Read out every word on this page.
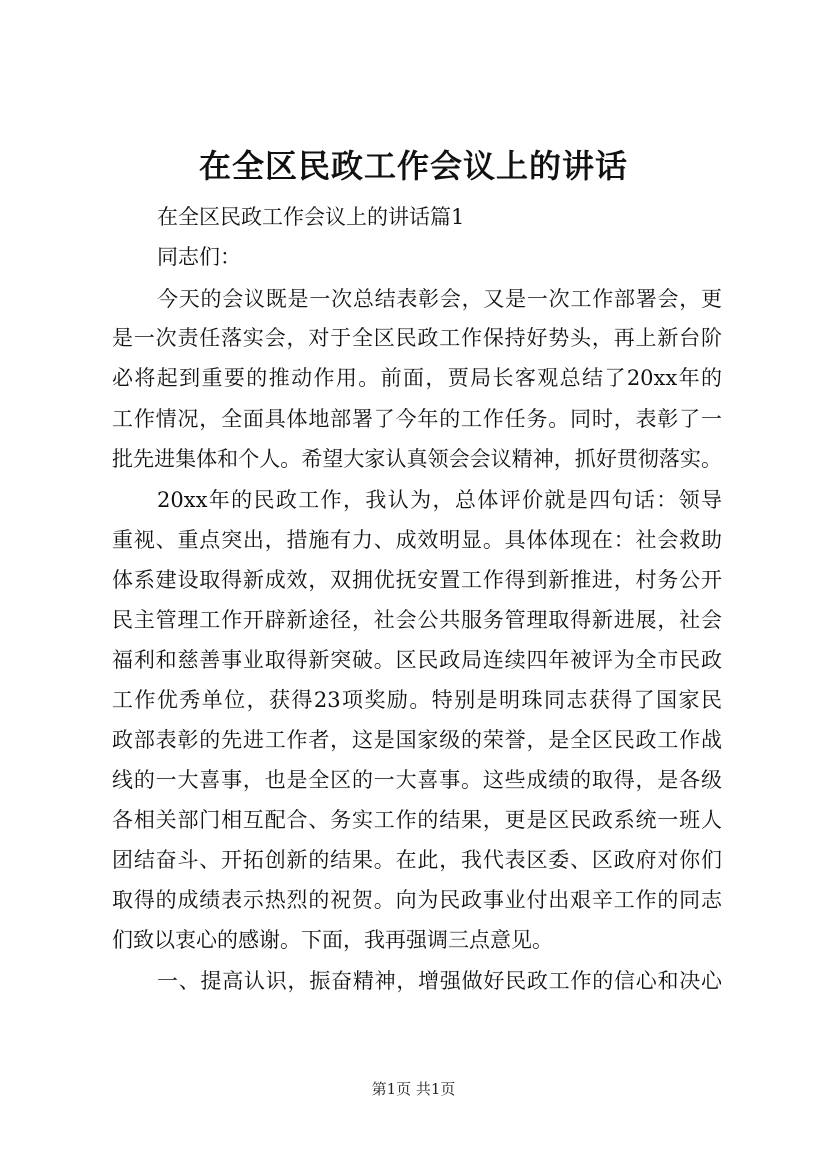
在全区民政工作会议上的讲话
在全区民政工作会议上的讲话篇1
同志们：
今天的会议既是一次总结表彰会，又是一次工作部署会，更
是一次责任落实会，对于全区民政工作保持好势头，再上新台阶
必将起到重要的推动作用。前面，贾局长客观总结了20xx年的
工作情况，全面具体地部署了今年的工作任务。同时，表彰了一
批先进集体和个人。希望大家认真领会会议精神，抓好贯彻落实。
20xx年的民政工作，我认为，总体评价就是四句话：领导
重视、重点突出，措施有力、成效明显。具体体现在：社会救助
体系建设取得新成效，双拥优抚安置工作得到新推进，村务公开
民主管理工作开辟新途径，社会公共服务管理取得新进展，社会
福利和慈善事业取得新突破。区民政局连续四年被评为全市民政
工作优秀单位，获得23项奖励。特别是明珠同志获得了国家民
政部表彰的先进工作者，这是国家级的荣誉，是全区民政工作战
线的一大喜事，也是全区的一大喜事。这些成绩的取得，是各级
各相关部门相互配合、务实工作的结果，更是区民政系统一班人
团结奋斗、开拓创新的结果。在此，我代表区委、区政府对你们
取得的成绩表示热烈的祝贺。向为民政事业付出艰辛工作的同志
们致以衷心的感谢。下面，我再强调三点意见。
一、提高认识，振奋精神，增强做好民政工作的信心和决心
第1页 共1页
